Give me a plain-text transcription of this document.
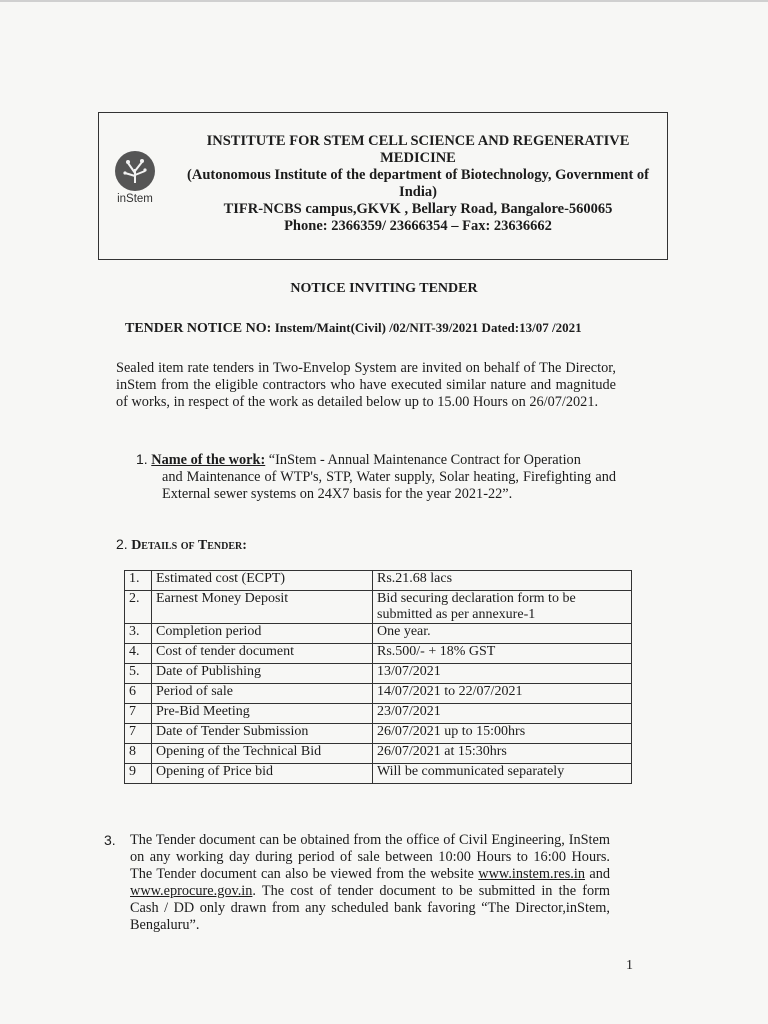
inStem
INSTITUTE FOR STEM CELL SCIENCE AND REGENERATIVE
MEDICINE
(Autonomous Institute of the department of Biotechnology, Government of
India)
TIFR-NCBS campus,GKVK , Bellary Road, Bangalore-560065
Phone: 2366359/ 23666354 – Fax: 23636662
NOTICE INVITING TENDER
TENDER NOTICE NO: Instem/Maint(Civil) /02/NIT-39/2021 Dated:13/07 /2021
Sealed item rate tenders in Two-Envelop System are invited on behalf of The Director, inStem from the eligible contractors who have executed similar nature and magnitude of works, in respect of the work as detailed below up to 15.00 Hours on 26/07/2021.
1. Name of the work: “InStem - Annual Maintenance Contract for Operation

and Maintenance of WTP's, STP, Water supply, Solar heating, Firefighting and External sewer systems on 24X7 basis for the year 2021-22”.
2. Details of Tender:
1.	Estimated cost (ECPT)	Rs.21.68 lacs
2.	Earnest Money Deposit	Bid securing declaration form to be submitted as per annexure-1
3.	Completion period	One year.
4.	Cost of tender document	Rs.500/- + 18% GST
5.	Date of Publishing	13/07/2021
6	Period of sale	14/07/2021 to 22/07/2021
7	Pre-Bid Meeting	23/07/2021
7	Date of Tender Submission	26/07/2021 up to 15:00hrs
8	Opening of the Technical Bid	26/07/2021 at 15:30hrs
9	Opening of Price bid	Will be communicated separately
3.	The Tender document can be obtained from the office of Civil Engineering, InStem on any working day during period of sale between 10:00 Hours to 16:00 Hours. The Tender document can also be viewed from the website www.instem.res.in and www.eprocure.gov.in. The cost of tender document to be submitted in the form Cash / DD only drawn from any scheduled bank favoring “The Director,inStem, Bengaluru”.
1
